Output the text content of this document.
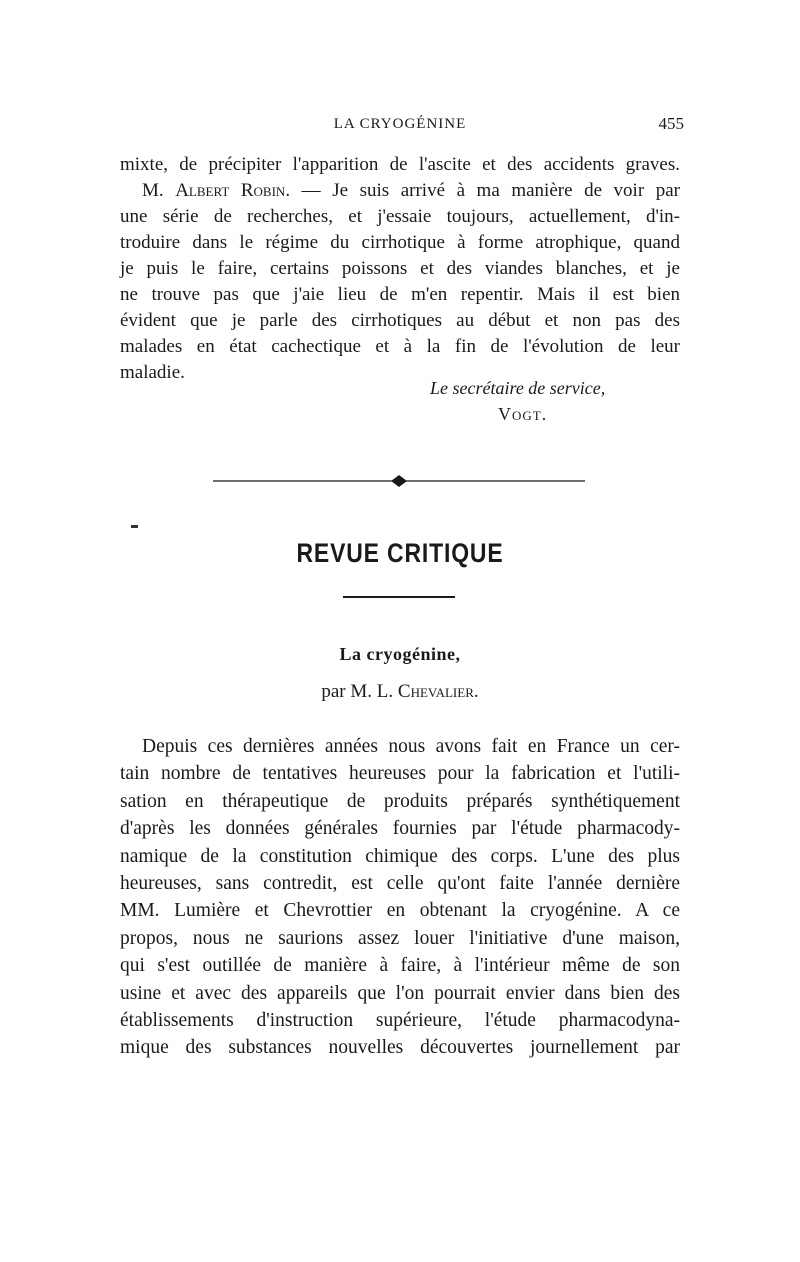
LA CRYOGÉNINE	455
mixte, de précipiter l'apparition de l'ascite et des accidents graves.
M. Albert Robin. — Je suis arrivé à ma manière de voir par
une série de recherches, et j'essaie toujours, actuellement, d'in-
troduire dans le régime du cirrhotique à forme atrophique, quand
je puis le faire, certains poissons et des viandes blanches, et je
ne trouve pas que j'aie lieu de m'en repentir. Mais il est bien
évident que je parle des cirrhotiques au début et non pas des
malades en état cachectique et à la fin de l'évolution de leur
maladie.
Le secrétaire de service,
Vogt.
REVUE CRITIQUE
La cryogénine,
par M. L. Chevalier.
Depuis ces dernières années nous avons fait en France un cer-
tain nombre de tentatives heureuses pour la fabrication et l'utili-
sation en thérapeutique de produits préparés synthétiquement
d'après les données générales fournies par l'étude pharmacody-
namique de la constitution chimique des corps. L'une des plus
heureuses, sans contredit, est celle qu'ont faite l'année dernière
MM. Lumière et Chevrottier en obtenant la cryogénine. A ce
propos, nous ne saurions assez louer l'initiative d'une maison,
qui s'est outillée de manière à faire, à l'intérieur même de son
usine et avec des appareils que l'on pourrait envier dans bien des
établissements d'instruction supérieure, l'étude pharmacodyna-
mique des substances nouvelles découvertes journellement par
